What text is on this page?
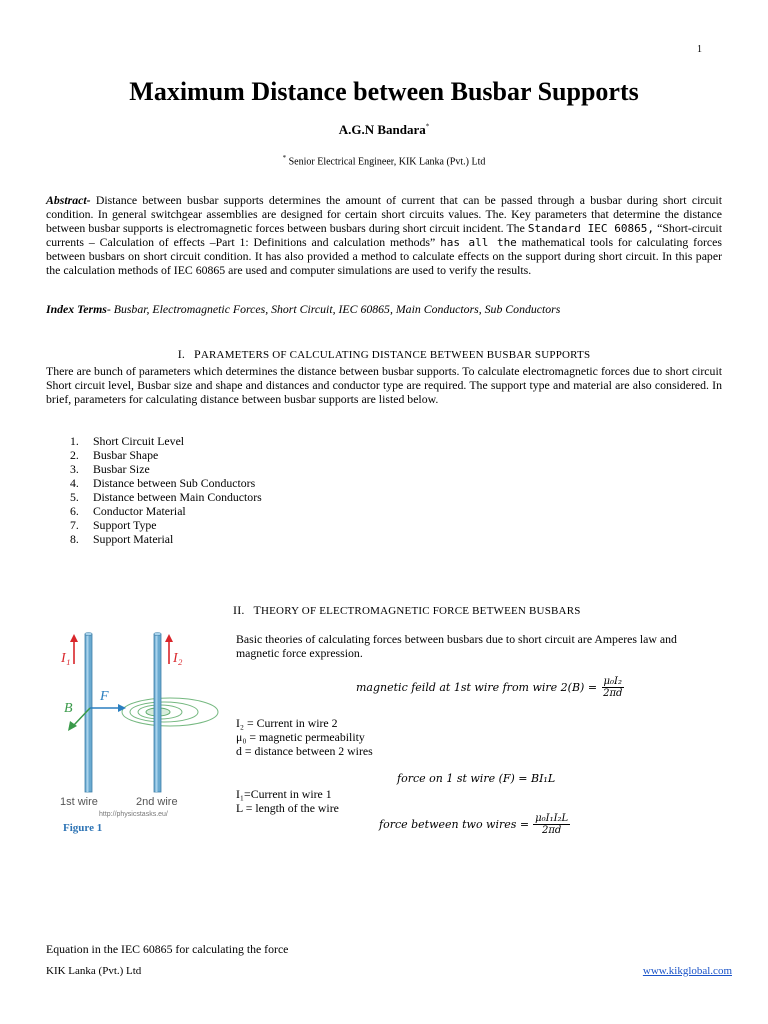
1
Maximum Distance between Busbar Supports
A.G.N Bandara*
* Senior Electrical Engineer, KIK Lanka (Pvt.) Ltd
Abstract- Distance between busbar supports determines the amount of current that can be passed through a busbar during short circuit condition. In general switchgear assemblies are designed for certain short circuits values. The. Key parameters that determine the distance between busbar supports is electromagnetic forces between busbars during short circuit incident. The Standard IEC 60865, “Short-circuit currents – Calculation of effects –Part 1: Definitions and calculation methods” has all the mathematical tools for calculating forces between busbars on short circuit condition. It has also provided a method to calculate effects on the support during short circuit. In this paper the calculation methods of IEC 60865 are used and computer simulations are used to verify the results.
Index Terms- Busbar, Electromagnetic Forces, Short Circuit, IEC 60865, Main Conductors, Sub Conductors
I. PARAMETERS OF CALCULATING DISTANCE BETWEEN BUSBAR SUPPORTS
There are bunch of parameters which determines the distance between busbar supports. To calculate electromagnetic forces due to short circuit Short circuit level, Busbar size and shape and distances and conductor type are required. The support type and material are also considered. In brief, parameters for calculating distance between busbar supports are listed below.
1.	Short Circuit Level
2.	Busbar Shape
3.	Busbar Size
4.	Distance between Sub Conductors
5.	Distance between Main Conductors
6.	Conductor Material
7.	Support Type
8.	Support Material
II. THEORY OF ELECTROMAGNETIC FORCE BETWEEN BUSBARS
I₁	I₂
F
B
1st wire	2nd wire
http://physicstasks.eu/
Figure 1
Basic theories of calculating forces between busbars due to short circuit are Amperes law and magnetic force expression.
magnetic feild at 1st wire from wire $2(B) = \frac{\text{μ₀I₂}}{2\pi d}$
I₂ = Current in wire 2
μ₀ = magnetic permeability
d = distance between 2 wires
force on 1 st wire (F) = BI₁L
I₁=Current in wire 1
L = length of the wire
force between two wires = $\frac{\text{μ₀I₁I₂L}}{2\pi d}$
Equation in the IEC 60865 for calculating the force
KIK Lanka (Pvt.) Ltd	www.kikglobal.com
